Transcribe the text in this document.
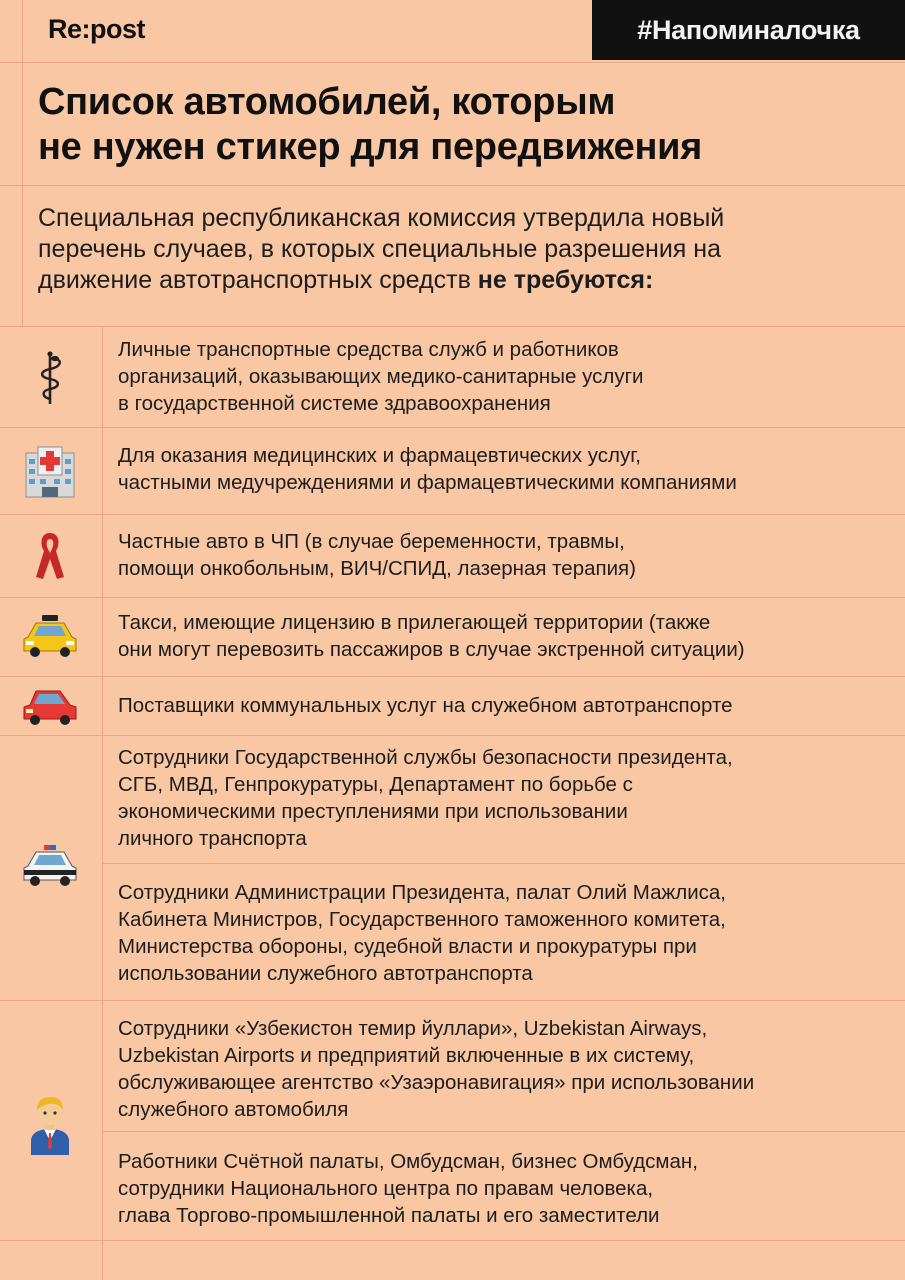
Re:post	#Напоминалочка
Список автомобилей, которым
не нужен стикер для передвижения

Специальная республиканская комиссия утвердила новый
перечень случаев, в которых специальные разрешения на
движение автотранспортных средств не требуются:

Личные транспортные средства служб и работников
организаций, оказывающих медико-санитарные услуги
в государственной системе здравоохранения
Для оказания медицинских и фармацевтических услуг,
частными медучреждениями и фармацевтическими компаниями
Частные авто в ЧП (в случае беременности, травмы,
помощи онкобольным, ВИЧ/СПИД, лазерная терапия)
Такси, имеющие лицензию в прилегающей территории (также
они могут перевозить пассажиров в случае экстренной ситуации)
Поставщики коммунальных услуг на служебном автотранспорте
Сотрудники Государственной службы безопасности президента,
СГБ, МВД, Генпрокуратуры, Департамент по борьбе с
экономическими преступлениями при использовании
личного транспорта
Сотрудники Администрации Президента, палат Олий Мажлиса,
Кабинета Министров, Государственного таможенного комитета,
Министерства обороны, судебной власти и прокуратуры при
использовании служебного автотранспорта
Сотрудники «Узбекистон темир йуллари», Uzbekistan Airways,
Uzbekistan Airports и предприятий включенные в их систему,
обслуживающее агентство «Узаэронавигация» при использовании
служебного автомобиля
Работники Счётной палаты, Омбудсман, бизнес Омбудсман,
сотрудники Национального центра по правам человека,
глава Торгово-промышленной палаты и его заместители
